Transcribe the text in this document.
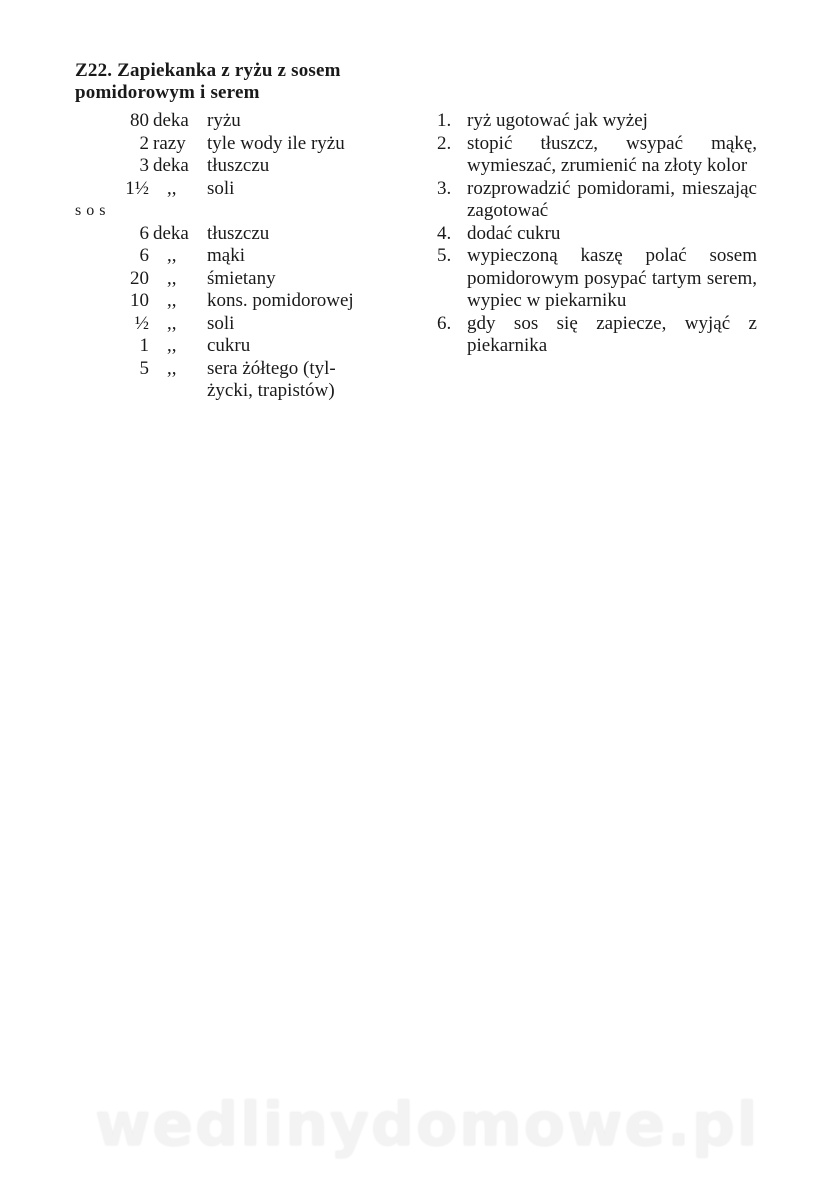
Z22. Zapiekanka z ryżu z sosem
pomidorowym i serem
80 deka ryżu
2 razy tyle wody ile ryżu
3 deka tłuszczu
1½ ,, soli
sos
6 deka tłuszczu
6 ,, mąki
20 ,, śmietany
10 ,, kons. pomidorowej
½ ,, soli
1 ,, cukru
5 ,, sera żółtego (tyl-
życki, trapistów)
1. ryż ugotować jak wyżej
2. stopić tłuszcz, wsypać mąkę, wymieszać, zrumienić na złoty kolor
3. rozprowadzić pomidorami, mieszając zagotować
4. dodać cukru
5. wypieczoną kaszę polać sosem pomidorowym posypać tartym serem, wypiec w piekarniku
6. gdy sos się zapiecze, wyjąć z piekarnika
wedlinydomowe.pl
